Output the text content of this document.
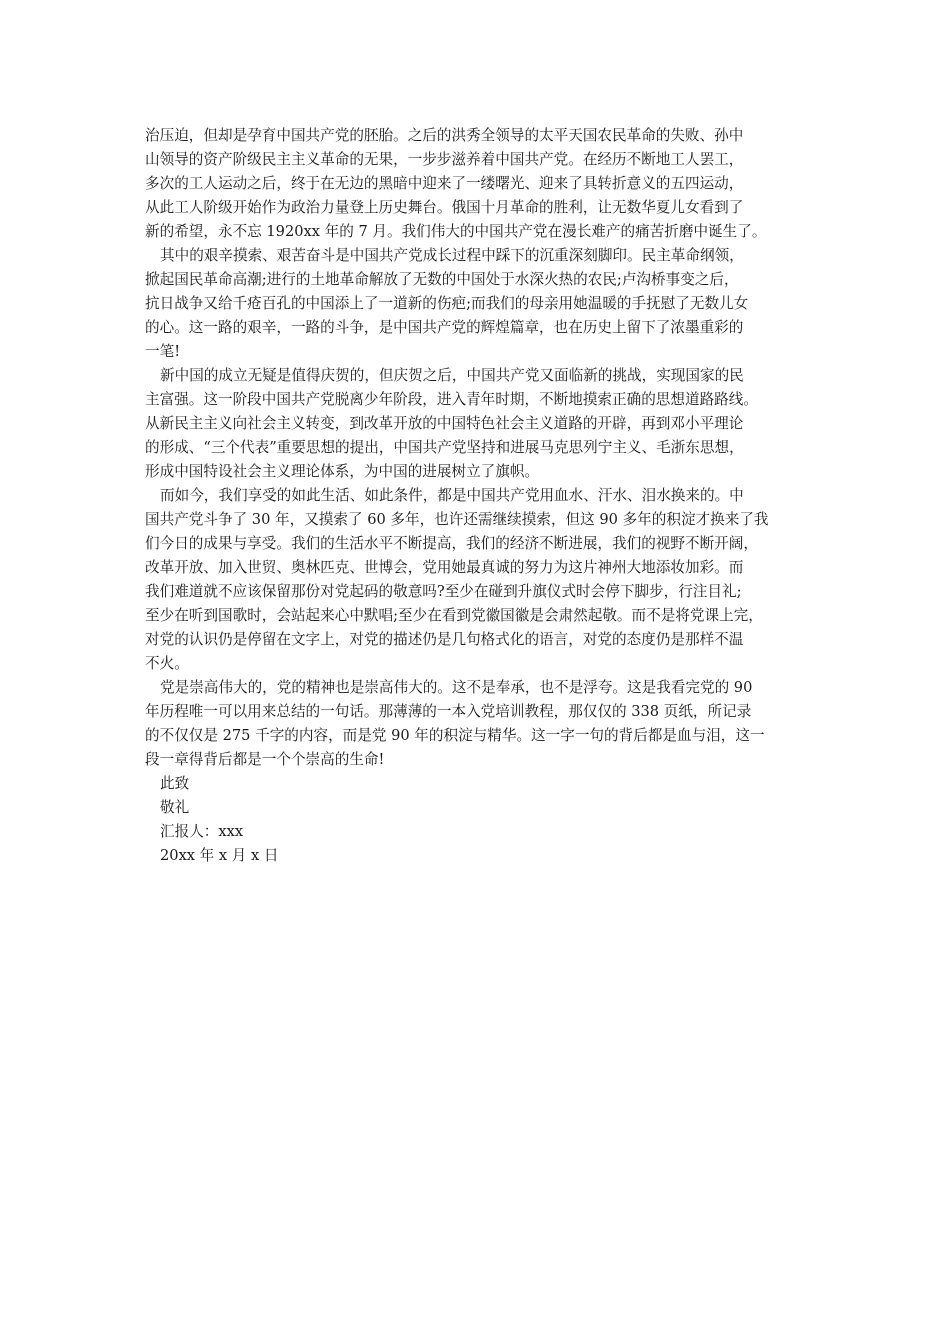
治压迫，但却是孕育中国共产党的胚胎。之后的洪秀全领导的太平天国农民革命的失败、孙中
山领导的资产阶级民主主义革命的无果，一步步滋养着中国共产党。在经历不断地工人罢工，
多次的工人运动之后，终于在无边的黑暗中迎来了一缕曙光、迎来了具转折意义的五四运动，
从此工人阶级开始作为政治力量登上历史舞台。俄国十月革命的胜利，让无数华夏儿女看到了
新的希望，永不忘 1920xx 年的 7 月。我们伟大的中国共产党在漫长难产的痛苦折磨中诞生了。
其中的艰辛摸索、艰苦奋斗是中国共产党成长过程中踩下的沉重深刻脚印。民主革命纲领，
掀起国民革命高潮;进行的土地革命解放了无数的中国处于水深火热的农民;卢沟桥事变之后，
抗日战争又给千疮百孔的中国添上了一道新的伤疤;而我们的母亲用她温暖的手抚慰了无数儿女
的心。这一路的艰辛，一路的斗争，是中国共产党的辉煌篇章，也在历史上留下了浓墨重彩的
一笔!
新中国的成立无疑是值得庆贺的，但庆贺之后，中国共产党又面临新的挑战，实现国家的民
主富强。这一阶段中国共产党脱离少年阶段，进入青年时期，不断地摸索正确的思想道路路线。
从新民主主义向社会主义转变，到改革开放的中国特色社会主义道路的开辟，再到邓小平理论
的形成、“三个代表”重要思想的提出，中国共产党坚持和进展马克思列宁主义、毛浙东思想，
形成中国特设社会主义理论体系，为中国的进展树立了旗帜。
而如今，我们享受的如此生活、如此条件，都是中国共产党用血水、汗水、泪水换来的。中
国共产党斗争了 30 年，又摸索了 60 多年，也许还需继续摸索，但这 90 多年的积淀才换来了我
们今日的成果与享受。我们的生活水平不断提高，我们的经济不断进展，我们的视野不断开阔，
改革开放、加入世贸、奥林匹克、世博会，党用她最真诚的努力为这片神州大地添妆加彩。而
我们难道就不应该保留那份对党起码的敬意吗?至少在碰到升旗仪式时会停下脚步，行注目礼;
至少在听到国歌时，会站起来心中默唱;至少在看到党徽国徽是会肃然起敬。而不是将党课上完，
对党的认识仍是停留在文字上，对党的描述仍是几句格式化的语言，对党的态度仍是那样不温
不火。
党是崇高伟大的，党的精神也是崇高伟大的。这不是奉承，也不是浮夸。这是我看完党的 90
年历程唯一可以用来总结的一句话。那薄薄的一本入党培训教程，那仅仅的 338 页纸，所记录
的不仅仅是 275 千字的内容，而是党 90 年的积淀与精华。这一字一句的背后都是血与泪，这一
段一章得背后都是一个个崇高的生命!
此致
敬礼
汇报人：xxx
20xx 年 x 月 x 日
